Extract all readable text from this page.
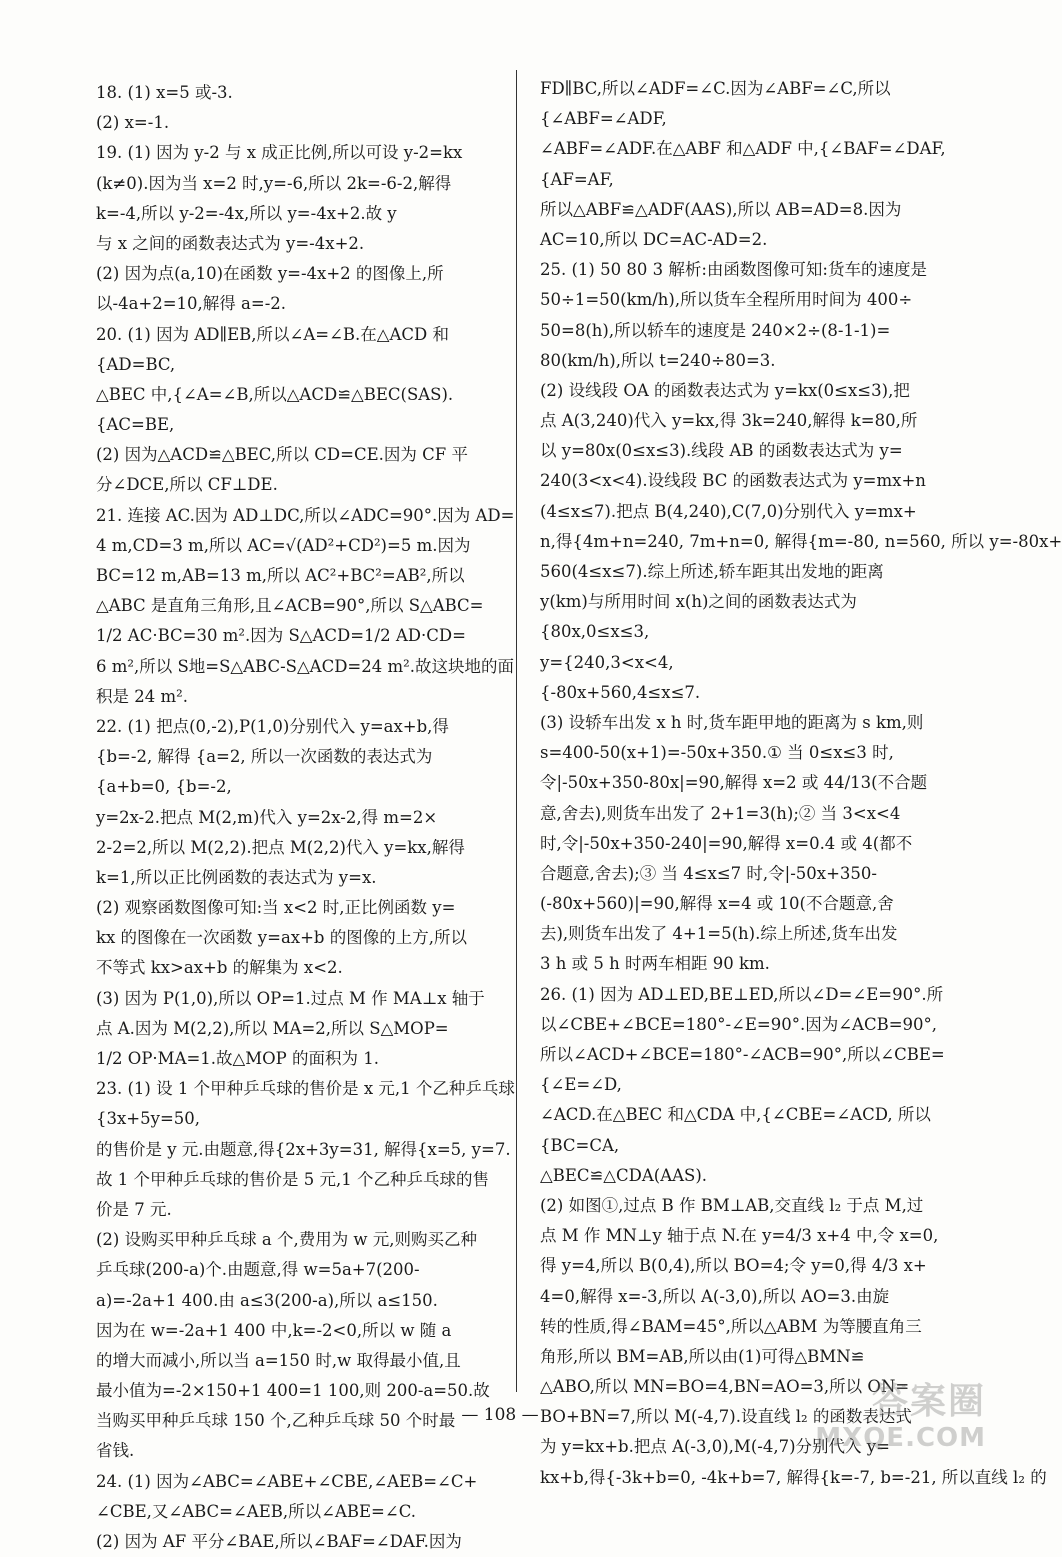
18. (1) x=5 或-3.
(2) x=-1.
19. (1) 因为 y-2 与 x 成正比例,所以可设 y-2=kx
(k≠0).因为当 x=2 时,y=-6,所以 2k=-6-2,解得
k=-4,所以 y-2=-4x,所以 y=-4x+2.故 y
与 x 之间的函数表达式为 y=-4x+2.
(2) 因为点(a,10)在函数 y=-4x+2 的图像上,所
以-4a+2=10,解得 a=-2.
20. (1) 因为 AD∥EB,所以∠A=∠B.在△ACD 和
{AD=BC,
△BEC 中,{∠A=∠B,所以△ACD≌△BEC(SAS).
{AC=BE,
(2) 因为△ACD≌△BEC,所以 CD=CE.因为 CF 平
分∠DCE,所以 CF⊥DE.
21. 连接 AC.因为 AD⊥DC,所以∠ADC=90°.因为 AD=
4 m,CD=3 m,所以 AC=√(AD²+CD²)=5 m.因为
BC=12 m,AB=13 m,所以 AC²+BC²=AB²,所以
△ABC 是直角三角形,且∠ACB=90°,所以 S△ABC=
1/2 AC·BC=30 m².因为 S△ACD=1/2 AD·CD=
6 m²,所以 S地=S△ABC-S△ACD=24 m².故这块地的面
积是 24 m².
22. (1) 把点(0,-2),P(1,0)分别代入 y=ax+b,得
{b=-2, 解得 {a=2, 所以一次函数的表达式为
{a+b=0, {b=-2,
y=2x-2.把点 M(2,m)代入 y=2x-2,得 m=2×
2-2=2,所以 M(2,2).把点 M(2,2)代入 y=kx,解得
k=1,所以正比例函数的表达式为 y=x.
(2) 观察函数图像可知:当 x<2 时,正比例函数 y=
kx 的图像在一次函数 y=ax+b 的图像的上方,所以
不等式 kx>ax+b 的解集为 x<2.
(3) 因为 P(1,0),所以 OP=1.过点 M 作 MA⊥x 轴于
点 A.因为 M(2,2),所以 MA=2,所以 S△MOP=
1/2 OP·MA=1.故△MOP 的面积为 1.
23. (1) 设 1 个甲种乒乓球的售价是 x 元,1 个乙种乒乓球
{3x+5y=50,
的售价是 y 元.由题意,得{2x+3y=31, 解得{x=5, y=7.
故 1 个甲种乒乓球的售价是 5 元,1 个乙种乒乓球的售
价是 7 元.
(2) 设购买甲种乒乓球 a 个,费用为 w 元,则购买乙种
乒乓球(200-a)个.由题意,得 w=5a+7(200-
a)=-2a+1 400.由 a≤3(200-a),所以 a≤150.
因为在 w=-2a+1 400 中,k=-2<0,所以 w 随 a
的增大而减小,所以当 a=150 时,w 取得最小值,且
最小值为=-2×150+1 400=1 100,则 200-a=50.故
当购买甲种乒乓球 150 个,乙种乒乓球 50 个时最
省钱.
24. (1) 因为∠ABC=∠ABE+∠CBE,∠AEB=∠C+
∠CBE,又∠ABC=∠AEB,所以∠ABE=∠C.
(2) 因为 AF 平分∠BAE,所以∠BAF=∠DAF.因为
FD∥BC,所以∠ADF=∠C.因为∠ABF=∠C,所以
{∠ABF=∠ADF,
∠ABF=∠ADF.在△ABF 和△ADF 中,{∠BAF=∠DAF,
{AF=AF,
所以△ABF≌△ADF(AAS),所以 AB=AD=8.因为
AC=10,所以 DC=AC-AD=2.
25. (1) 50 80 3 解析:由函数图像可知:货车的速度是
50÷1=50(km/h),所以货车全程所用时间为 400÷
50=8(h),所以轿车的速度是 240×2÷(8-1-1)=
80(km/h),所以 t=240÷80=3.
(2) 设线段 OA 的函数表达式为 y=kx(0≤x≤3),把
点 A(3,240)代入 y=kx,得 3k=240,解得 k=80,所
以 y=80x(0≤x≤3).线段 AB 的函数表达式为 y=
240(3<x<4).设线段 BC 的函数表达式为 y=mx+n
(4≤x≤7).把点 B(4,240),C(7,0)分别代入 y=mx+
n,得{4m+n=240, 7m+n=0, 解得{m=-80, n=560, 所以 y=-80x+
560(4≤x≤7).综上所述,轿车距其出发地的距离
y(km)与所用时间 x(h)之间的函数表达式为
{80x,0≤x≤3,
y={240,3<x<4,
{-80x+560,4≤x≤7.
(3) 设轿车出发 x h 时,货车距甲地的距离为 s km,则
s=400-50(x+1)=-50x+350.① 当 0≤x≤3 时,
令|-50x+350-80x|=90,解得 x=2 或 44/13(不合题
意,舍去),则货车出发了 2+1=3(h);② 当 3<x<4
时,令|-50x+350-240|=90,解得 x=0.4 或 4(都不
合题意,舍去);③ 当 4≤x≤7 时,令|-50x+350-
(-80x+560)|=90,解得 x=4 或 10(不合题意,舍
去),则货车出发了 4+1=5(h).综上所述,货车出发
3 h 或 5 h 时两车相距 90 km.
26. (1) 因为 AD⊥ED,BE⊥ED,所以∠D=∠E=90°.所
以∠CBE+∠BCE=180°-∠E=90°.因为∠ACB=90°,
所以∠ACD+∠BCE=180°-∠ACB=90°,所以∠CBE=
{∠E=∠D,
∠ACD.在△BEC 和△CDA 中,{∠CBE=∠ACD, 所以
{BC=CA,
△BEC≌△CDA(AAS).
(2) 如图①,过点 B 作 BM⊥AB,交直线 l₂ 于点 M,过
点 M 作 MN⊥y 轴于点 N.在 y=4/3 x+4 中,令 x=0,
得 y=4,所以 B(0,4),所以 BO=4;令 y=0,得 4/3 x+
4=0,解得 x=-3,所以 A(-3,0),所以 AO=3.由旋
转的性质,得∠BAM=45°,所以△ABM 为等腰直角三
角形,所以 BM=AB,所以由(1)可得△BMN≌
△ABO,所以 MN=BO=4,BN=AO=3,所以 ON=
BO+BN=7,所以 M(-4,7).设直线 l₂ 的函数表达式
为 y=kx+b.把点 A(-3,0),M(-4,7)分别代入 y=
kx+b,得{-3k+b=0, -4k+b=7, 解得{k=-7, b=-21, 所以直线 l₂ 的
— 108 —	答案圈
MXQE.COM
